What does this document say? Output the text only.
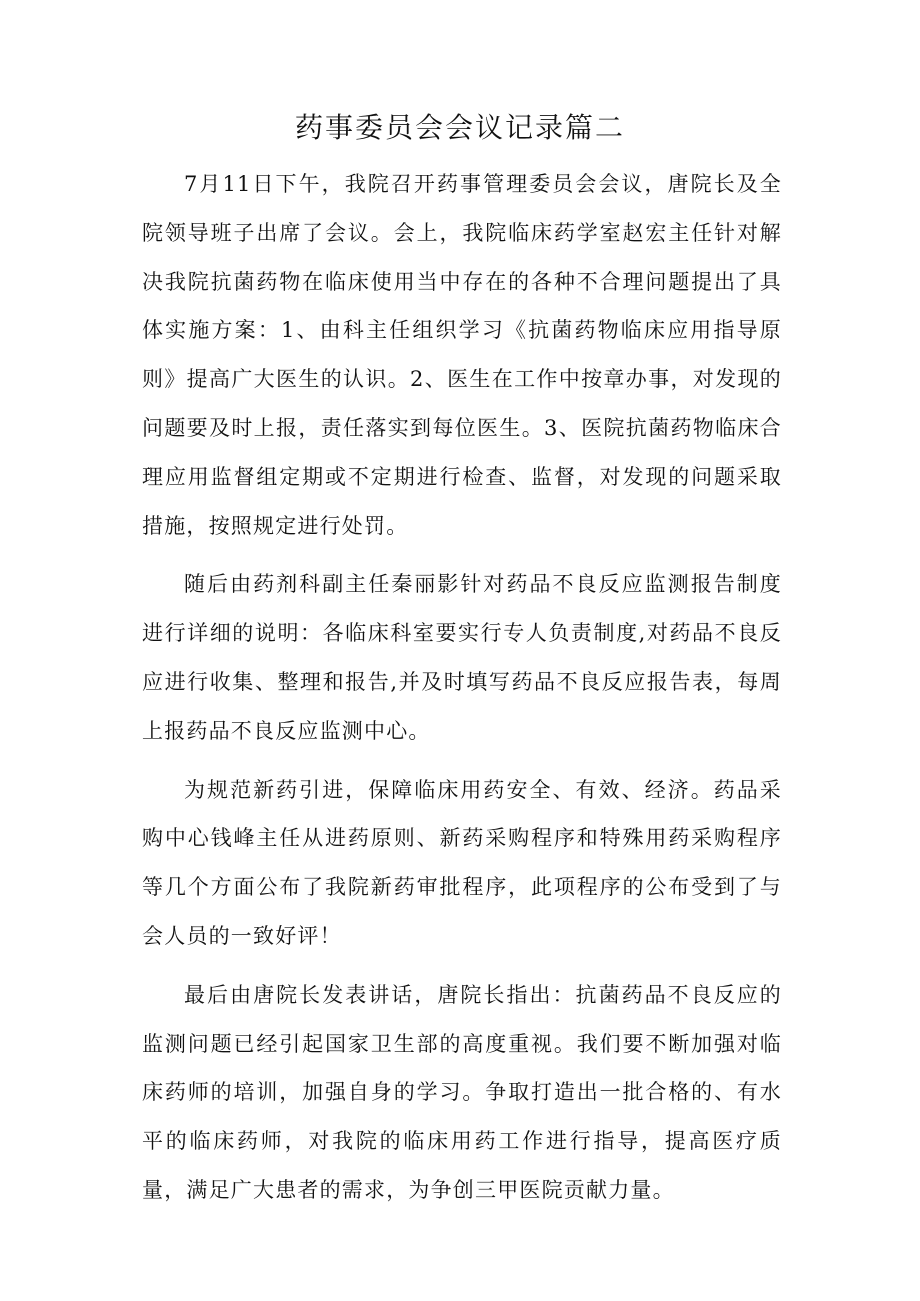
药事委员会会议记录篇二

7月11日下午，我院召开药事管理委员会会议，唐院长及全院领导班子出席了会议。会上，我院临床药学室赵宏主任针对解决我院抗菌药物在临床使用当中存在的各种不合理问题提出了具体实施方案：1、由科主任组织学习《抗菌药物临床应用指导原则》提高广大医生的认识。2、医生在工作中按章办事，对发现的问题要及时上报，责任落实到每位医生。3、医院抗菌药物临床合理应用监督组定期或不定期进行检查、监督，对发现的问题采取措施，按照规定进行处罚。

随后由药剂科副主任秦丽影针对药品不良反应监测报告制度进行详细的说明：各临床科室要实行专人负责制度,对药品不良反应进行收集、整理和报告,并及时填写药品不良反应报告表，每周上报药品不良反应监测中心。

为规范新药引进，保障临床用药安全、有效、经济。药品采购中心钱峰主任从进药原则、新药采购程序和特殊用药采购程序等几个方面公布了我院新药审批程序，此项程序的公布受到了与会人员的一致好评！

最后由唐院长发表讲话，唐院长指出：抗菌药品不良反应的监测问题已经引起国家卫生部的高度重视。我们要不断加强对临床药师的培训，加强自身的学习。争取打造出一批合格的、有水平的临床药师，对我院的临床用药工作进行指导，提高医疗质量，满足广大患者的需求，为争创三甲医院贡献力量。
